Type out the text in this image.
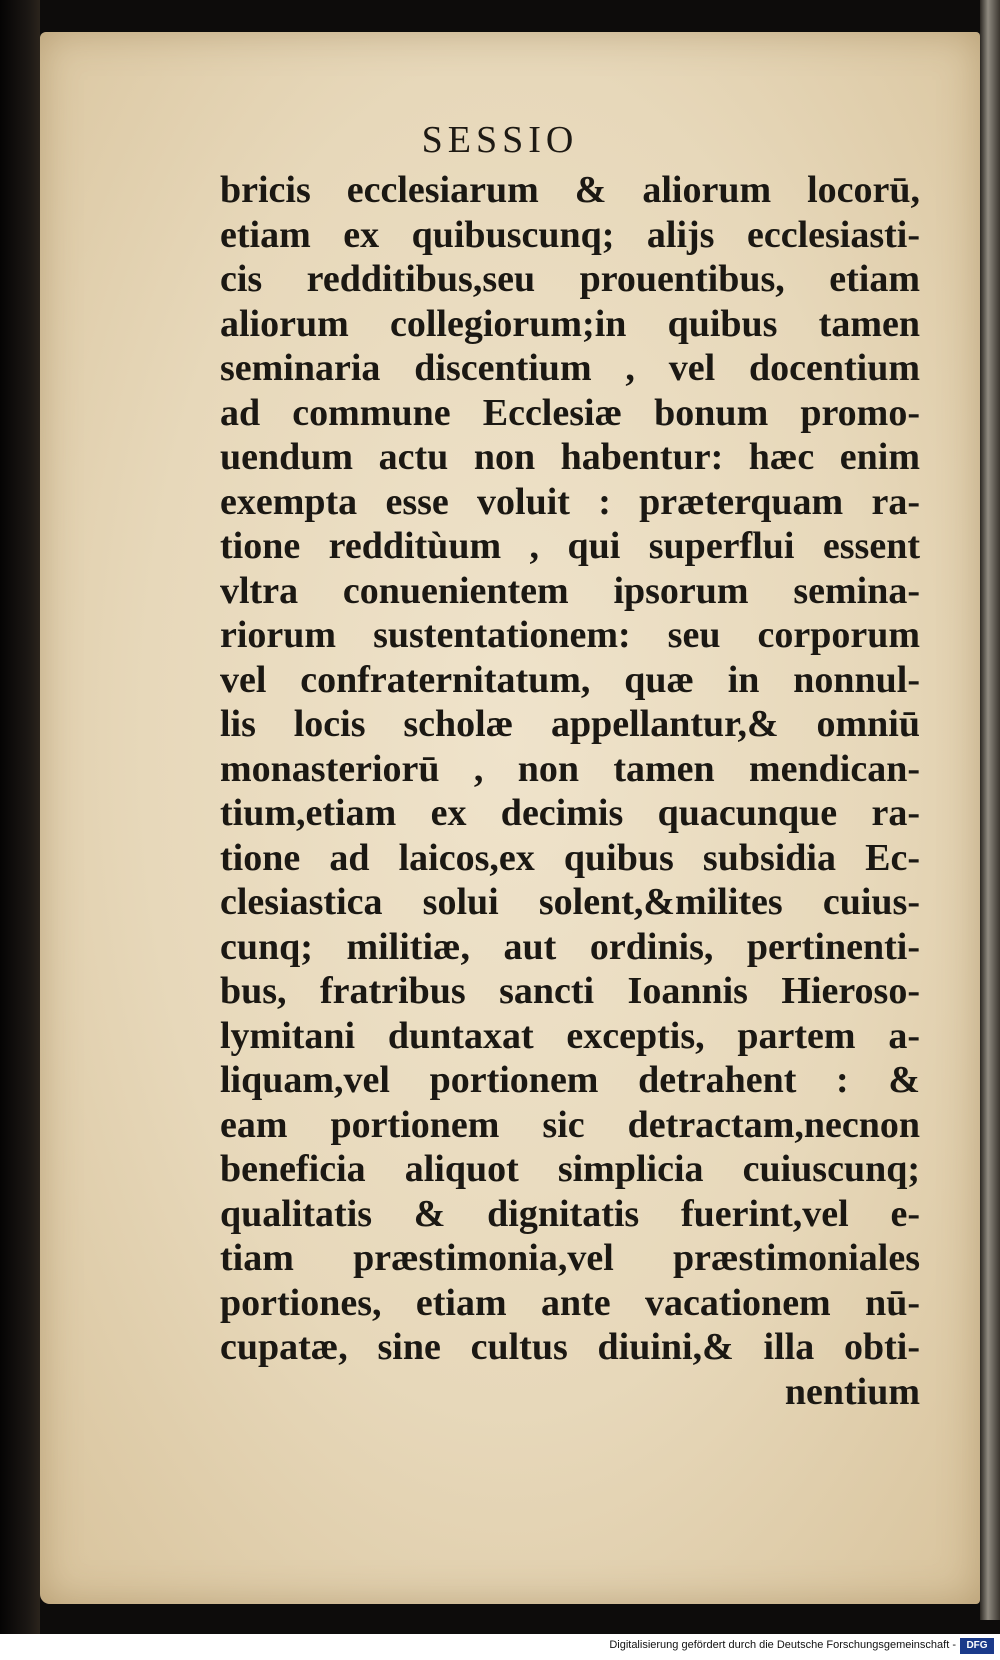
SESSIO
bricis ecclesiarum & aliorum locorū,
etiam ex quibuscunq; alijs ecclesiasti-
cis redditibus,seu prouentibus, etiam
aliorum collegiorum;in quibus tamen
seminaria discentium , vel docentium
ad commune Ecclesiæ bonum promo-
uendum actu non habentur: hæc enim
exempta esse voluit : præterquam ra-
tione redditùum , qui superflui essent
vltra conuenientem ipsorum semina-
riorum sustentationem: seu corporum
vel confraternitatum, quæ in nonnul-
lis locis scholæ appellantur,& omniū
monasteriorū , non tamen mendican-
tium,etiam ex decimis quacunque ra-
tione ad laicos,ex quibus subsidia Ec-
clesiastica solui solent,&milites cuius-
cunq; militiæ, aut ordinis, pertinenti-
bus, fratribus sancti Ioannis Hieroso-
lymitani duntaxat exceptis, partem a-
liquam,vel portionem detrahent : &
eam portionem sic detractam,necnon
beneficia aliquot simplicia cuiuscunq;
qualitatis & dignitatis fuerint,vel e-
tiam præstimonia,vel præstimoniales
portiones, etiam ante vacationem nū-
cupatæ, sine cultus diuini,& illa obti-
nentium
Digitalisierung gefördert durch die Deutsche Forschungsgemeinschaft -	DFG
